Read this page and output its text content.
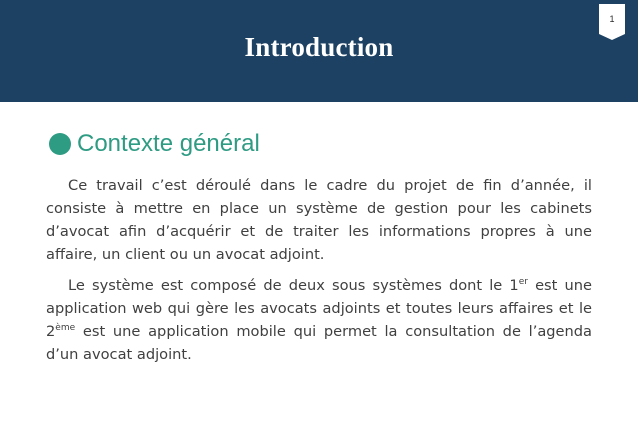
Introduction
1
Contexte général

Ce travail c’est déroulé dans le cadre du projet de fin d’année, il consiste à mettre en place un système de gestion pour les cabinets d’avocat afin d’acquérir et de traiter les informations propres à une affaire, un client ou un avocat adjoint.

Le système est composé de deux sous systèmes dont le 1er est une application web qui gère les avocats adjoints et toutes leurs affaires et le 2ème est une application mobile qui permet la consultation de l’agenda d’un avocat adjoint.
